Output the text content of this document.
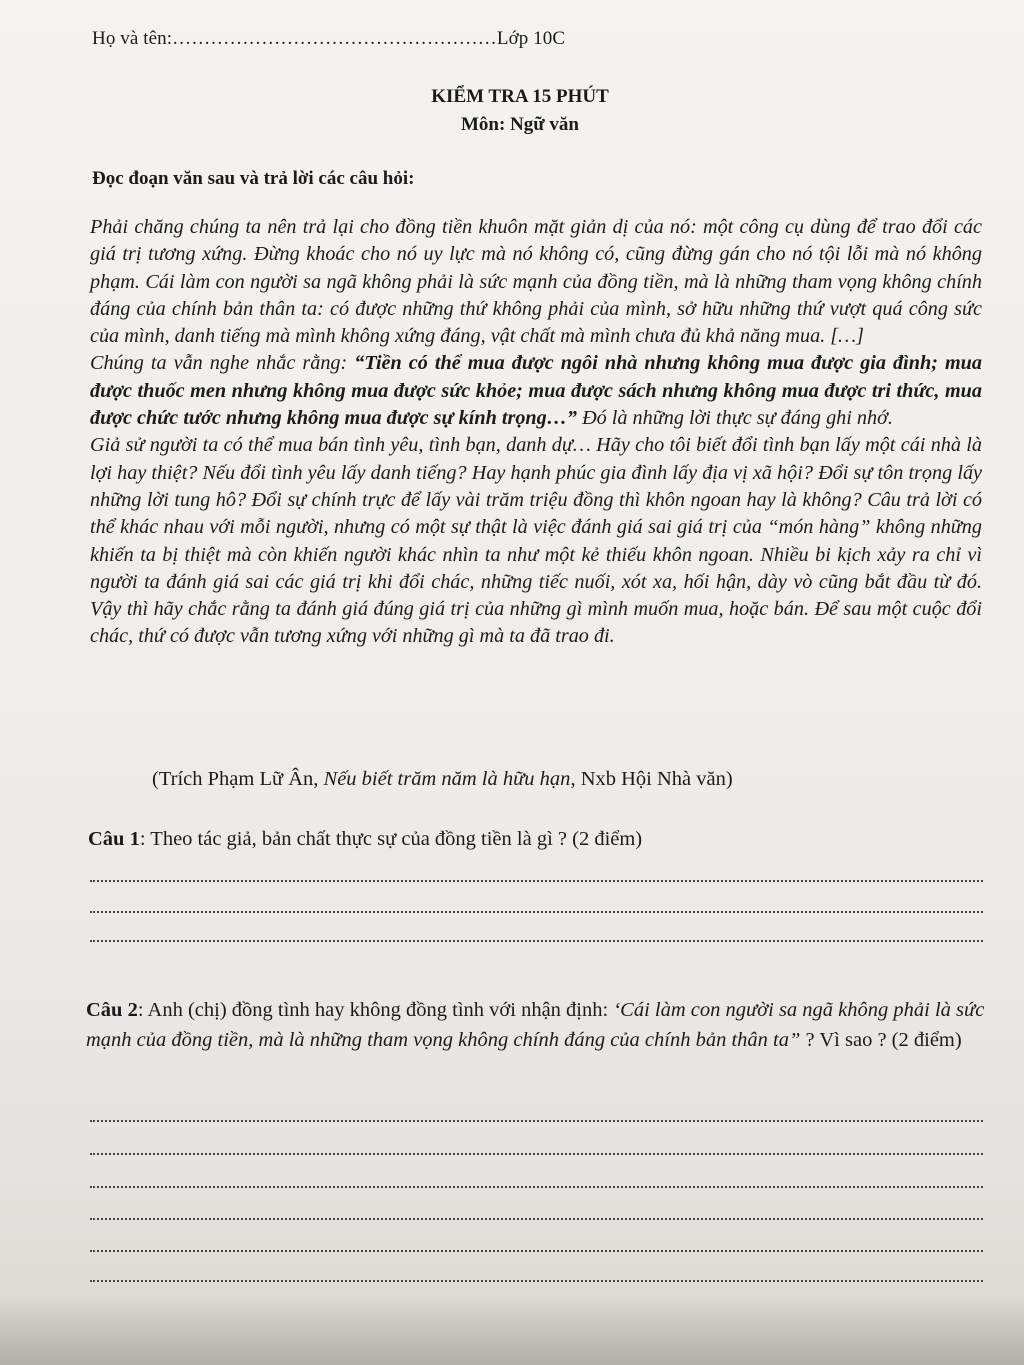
Họ và tên:……………………………………………Lớp 10C
KIỂM TRA 15 PHÚT
Môn: Ngữ văn
Đọc đoạn văn sau và trả lời các câu hỏi:

Phải chăng chúng ta nên trả lại cho đồng tiền khuôn mặt giản dị của nó: một công cụ dùng để trao đổi các giá trị tương xứng. Đừng khoác cho nó uy lực mà nó không có, cũng đừng gán cho nó tội lỗi mà nó không phạm. Cái làm con người sa ngã không phải là sức mạnh của đồng tiền, mà là những tham vọng không chính đáng của chính bản thân ta: có được những thứ không phải của mình, sở hữu những thứ vượt quá công sức của mình, danh tiếng mà mình không xứng đáng, vật chất mà mình chưa đủ khả năng mua. […]

Chúng ta vẫn nghe nhắc rằng: “Tiền có thể mua được ngôi nhà nhưng không mua được gia đình; mua được thuốc men nhưng không mua được sức khỏe; mua được sách nhưng không mua được tri thức, mua được chức tước nhưng không mua được sự kính trọng…” Đó là những lời thực sự đáng ghi nhớ.

Giả sử người ta có thể mua bán tình yêu, tình bạn, danh dự… Hãy cho tôi biết đổi tình bạn lấy một cái nhà là lợi hay thiệt? Nếu đổi tình yêu lấy danh tiếng? Hay hạnh phúc gia đình lấy địa vị xã hội? Đổi sự tôn trọng lấy những lời tung hô? Đổi sự chính trực để lấy vài trăm triệu đồng thì khôn ngoan hay là không? Câu trả lời có thể khác nhau với mỗi người, nhưng có một sự thật là việc đánh giá sai giá trị của “món hàng” không những khiến ta bị thiệt mà còn khiến người khác nhìn ta như một kẻ thiếu khôn ngoan. Nhiều bi kịch xảy ra chỉ vì người ta đánh giá sai các giá trị khi đổi chác, những tiếc nuối, xót xa, hối hận, dày vò cũng bắt đầu từ đó. Vậy thì hãy chắc rằng ta đánh giá đúng giá trị của những gì mình muốn mua, hoặc bán. Để sau một cuộc đổi chác, thứ có được vẫn tương xứng với những gì mà ta đã trao đi.

(Trích Phạm Lữ Ân, Nếu biết trăm năm là hữu hạn, Nxb Hội Nhà văn)
Câu 1: Theo tác giả, bản chất thực sự của đồng tiền là gì ? (2 điểm)
Câu 2: Anh (chị) đồng tình hay không đồng tình với nhận định: ‘Cái làm con người sa ngã không phải là sức mạnh của đồng tiền, mà là những tham vọng không chính đáng của chính bản thân ta” ? Vì sao ? (2 điểm)
